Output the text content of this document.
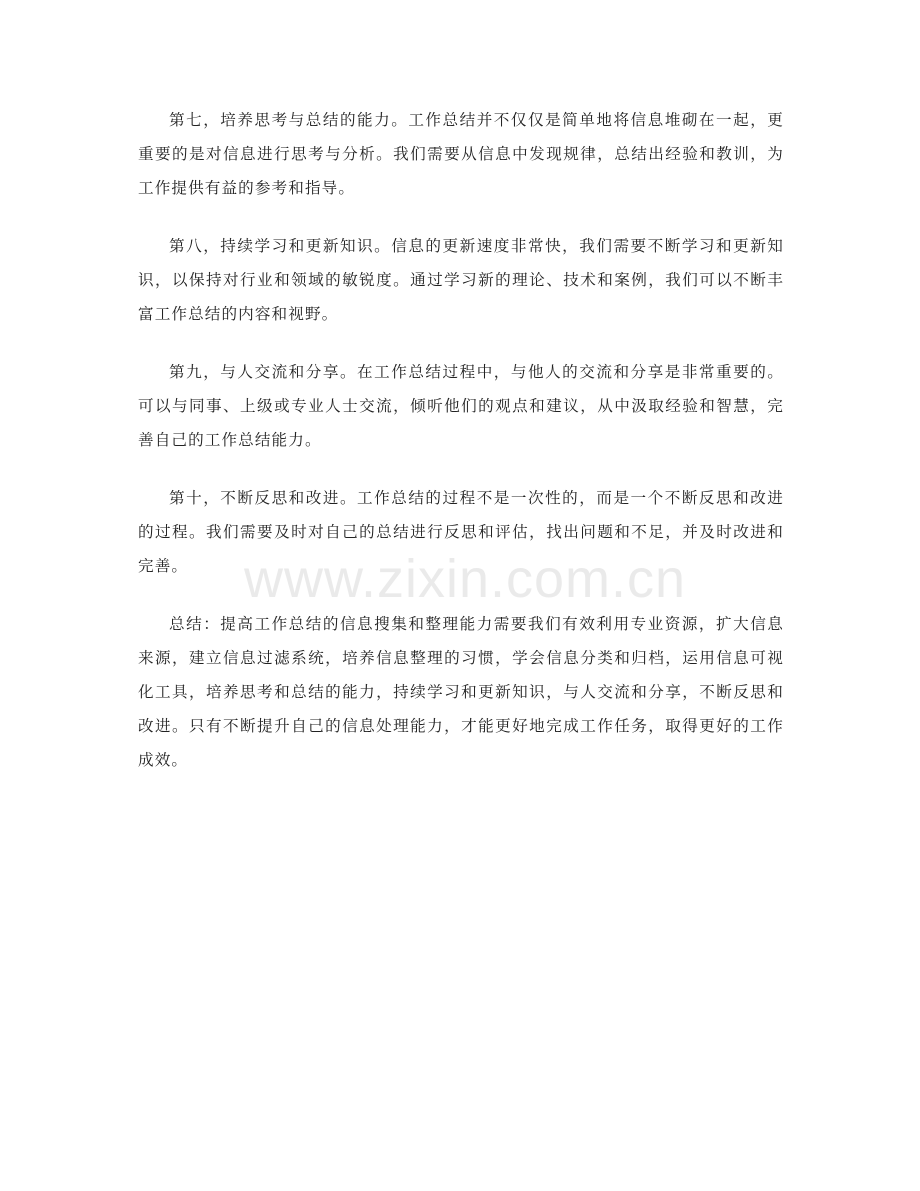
第七，培养思考与总结的能力。工作总结并不仅仅是简单地将信息堆砌在一起，更重要的是对信息进行思考与分析。我们需要从信息中发现规律，总结出经验和教训，为工作提供有益的参考和指导。

第八，持续学习和更新知识。信息的更新速度非常快，我们需要不断学习和更新知识，以保持对行业和领域的敏锐度。通过学习新的理论、技术和案例，我们可以不断丰富工作总结的内容和视野。

第九，与人交流和分享。在工作总结过程中，与他人的交流和分享是非常重要的。可以与同事、上级或专业人士交流，倾听他们的观点和建议，从中汲取经验和智慧，完善自己的工作总结能力。

第十，不断反思和改进。工作总结的过程不是一次性的，而是一个不断反思和改进的过程。我们需要及时对自己的总结进行反思和评估，找出问题和不足，并及时改进和完善。

总结：提高工作总结的信息搜集和整理能力需要我们有效利用专业资源，扩大信息来源，建立信息过滤系统，培养信息整理的习惯，学会信息分类和归档，运用信息可视化工具，培养思考和总结的能力，持续学习和更新知识，与人交流和分享，不断反思和改进。只有不断提升自己的信息处理能力，才能更好地完成工作任务，取得更好的工作成效。

www.zixin.com.cn
